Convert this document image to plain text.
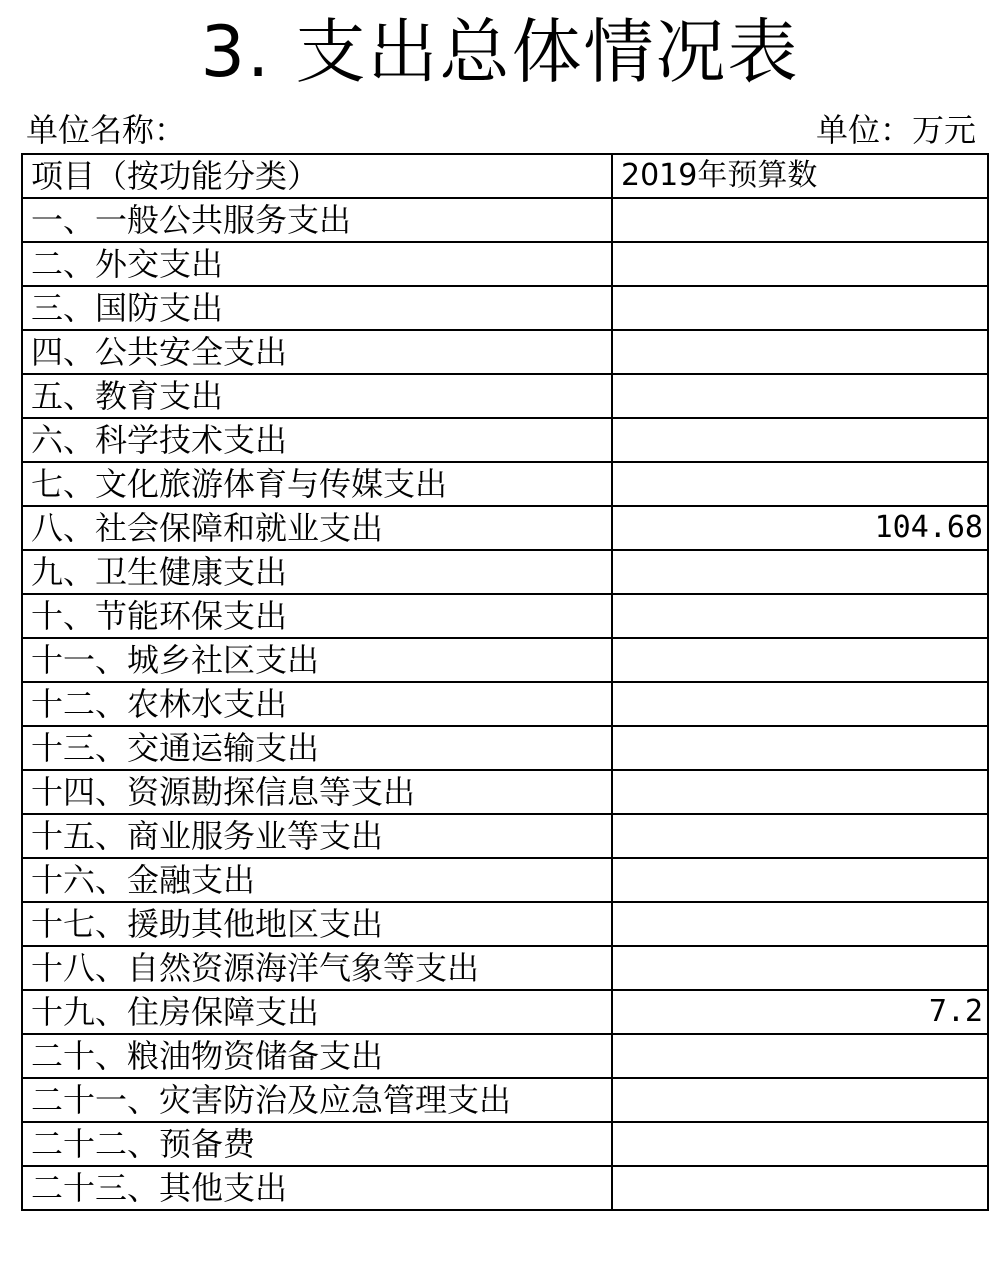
3. 支出总体情况表
单位名称：	单位：万元
项目（按功能分类）	2019年预算数
一、一般公共服务支出	
二、外交支出	
三、国防支出	
四、公共安全支出	
五、教育支出	
六、科学技术支出	
七、文化旅游体育与传媒支出	
八、社会保障和就业支出	104.68
九、卫生健康支出	
十、节能环保支出	
十一、城乡社区支出	
十二、农林水支出	
十三、交通运输支出	
十四、资源勘探信息等支出	
十五、商业服务业等支出	
十六、金融支出	
十七、援助其他地区支出	
十八、自然资源海洋气象等支出	
十九、住房保障支出	7.2
二十、粮油物资储备支出	
二十一、灾害防治及应急管理支出	
二十二、预备费	
二十三、其他支出	
